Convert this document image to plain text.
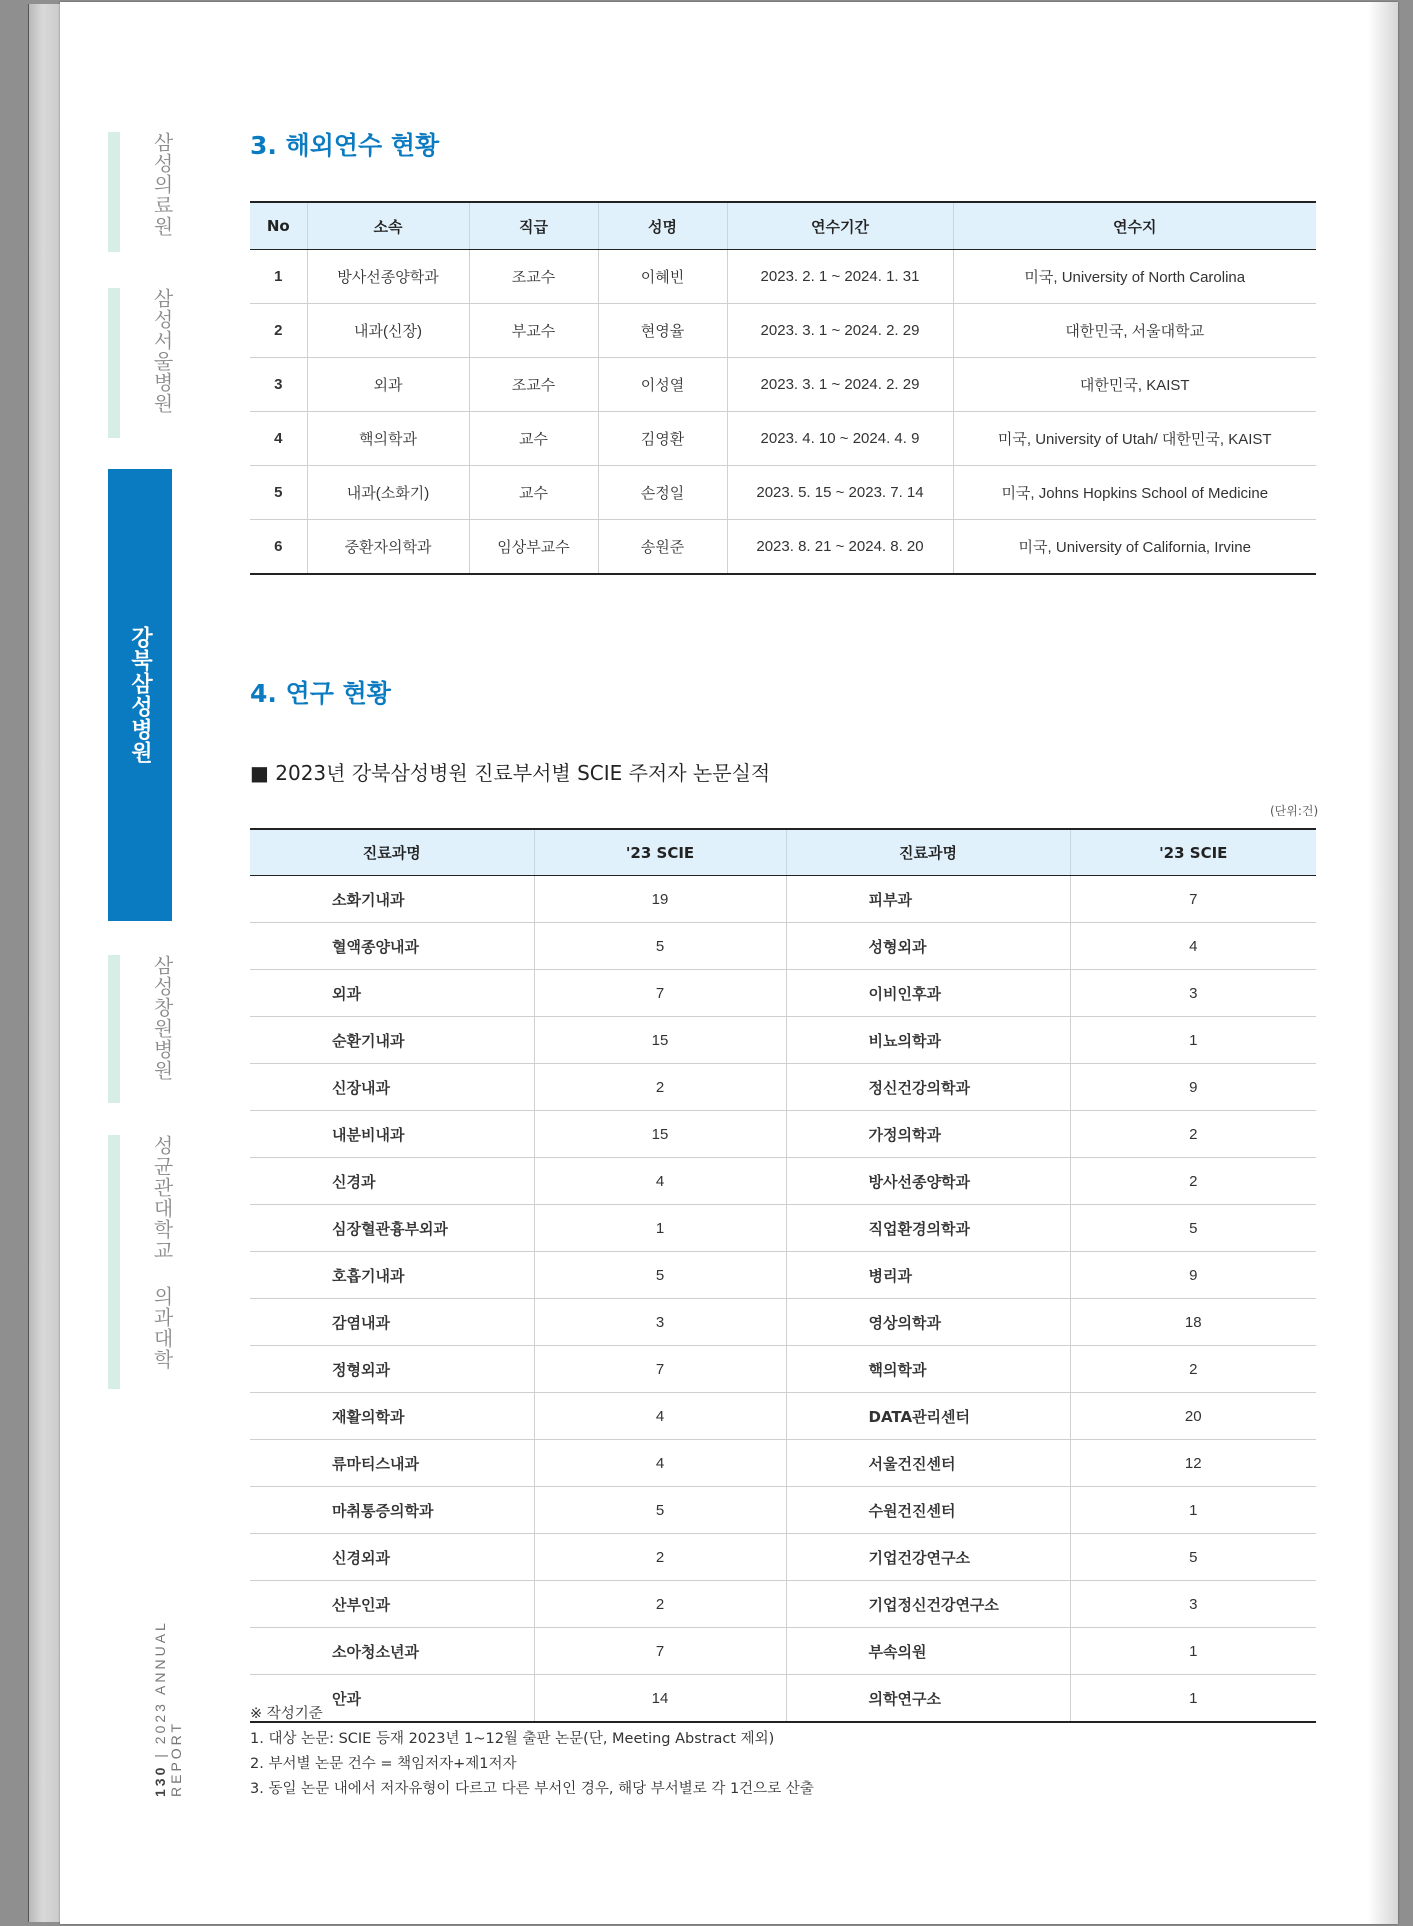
삼성의료원
삼성서울병원
강북삼성병원
삼성창원병원
성균관대학교 의과대학
130 | 2023 ANNUAL REPORT
3. 해외연수 현황
No	소속	직급	성명	연수기간	연수지
1	방사선종양학과	조교수	이혜빈	2023. 2. 1 ~ 2024. 1. 31	미국, University of North Carolina
2	내과(신장)	부교수	현영율	2023. 3. 1 ~ 2024. 2. 29	대한민국, 서울대학교
3	외과	조교수	이성열	2023. 3. 1 ~ 2024. 2. 29	대한민국, KAIST
4	핵의학과	교수	김영환	2023. 4. 10 ~ 2024. 4. 9	미국, University of Utah/ 대한민국, KAIST
5	내과(소화기)	교수	손정일	2023. 5. 15 ~ 2023. 7. 14	미국, Johns Hopkins School of Medicine
6	중환자의학과	임상부교수	송원준	2023. 8. 21 ~ 2024. 8. 20	미국, University of California, Irvine
4. 연구 현황
■ 2023년 강북삼성병원 진료부서별 SCIE 주저자 논문실적
(단위:건)
진료과명	'23 SCIE	진료과명	'23 SCIE
소화기내과	19	피부과	7
혈액종양내과	5	성형외과	4
외과	7	이비인후과	3
순환기내과	15	비뇨의학과	1
신장내과	2	정신건강의학과	9
내분비내과	15	가정의학과	2
신경과	4	방사선종양학과	2
심장혈관흉부외과	1	직업환경의학과	5
호흡기내과	5	병리과	9
감염내과	3	영상의학과	18
정형외과	7	핵의학과	2
재활의학과	4	DATA관리센터	20
류마티스내과	4	서울건진센터	12
마취통증의학과	5	수원건진센터	1
신경외과	2	기업건강연구소	5
산부인과	2	기업정신건강연구소	3
소아청소년과	7	부속의원	1
안과	14	의학연구소	1
※ 작성기준
1. 대상 논문: SCIE 등재 2023년 1~12월 출판 논문(단, Meeting Abstract 제외)
2. 부서별 논문 건수 = 책임저자+제1저자
3. 동일 논문 내에서 저자유형이 다르고 다른 부서인 경우, 해당 부서별로 각 1건으로 산출
